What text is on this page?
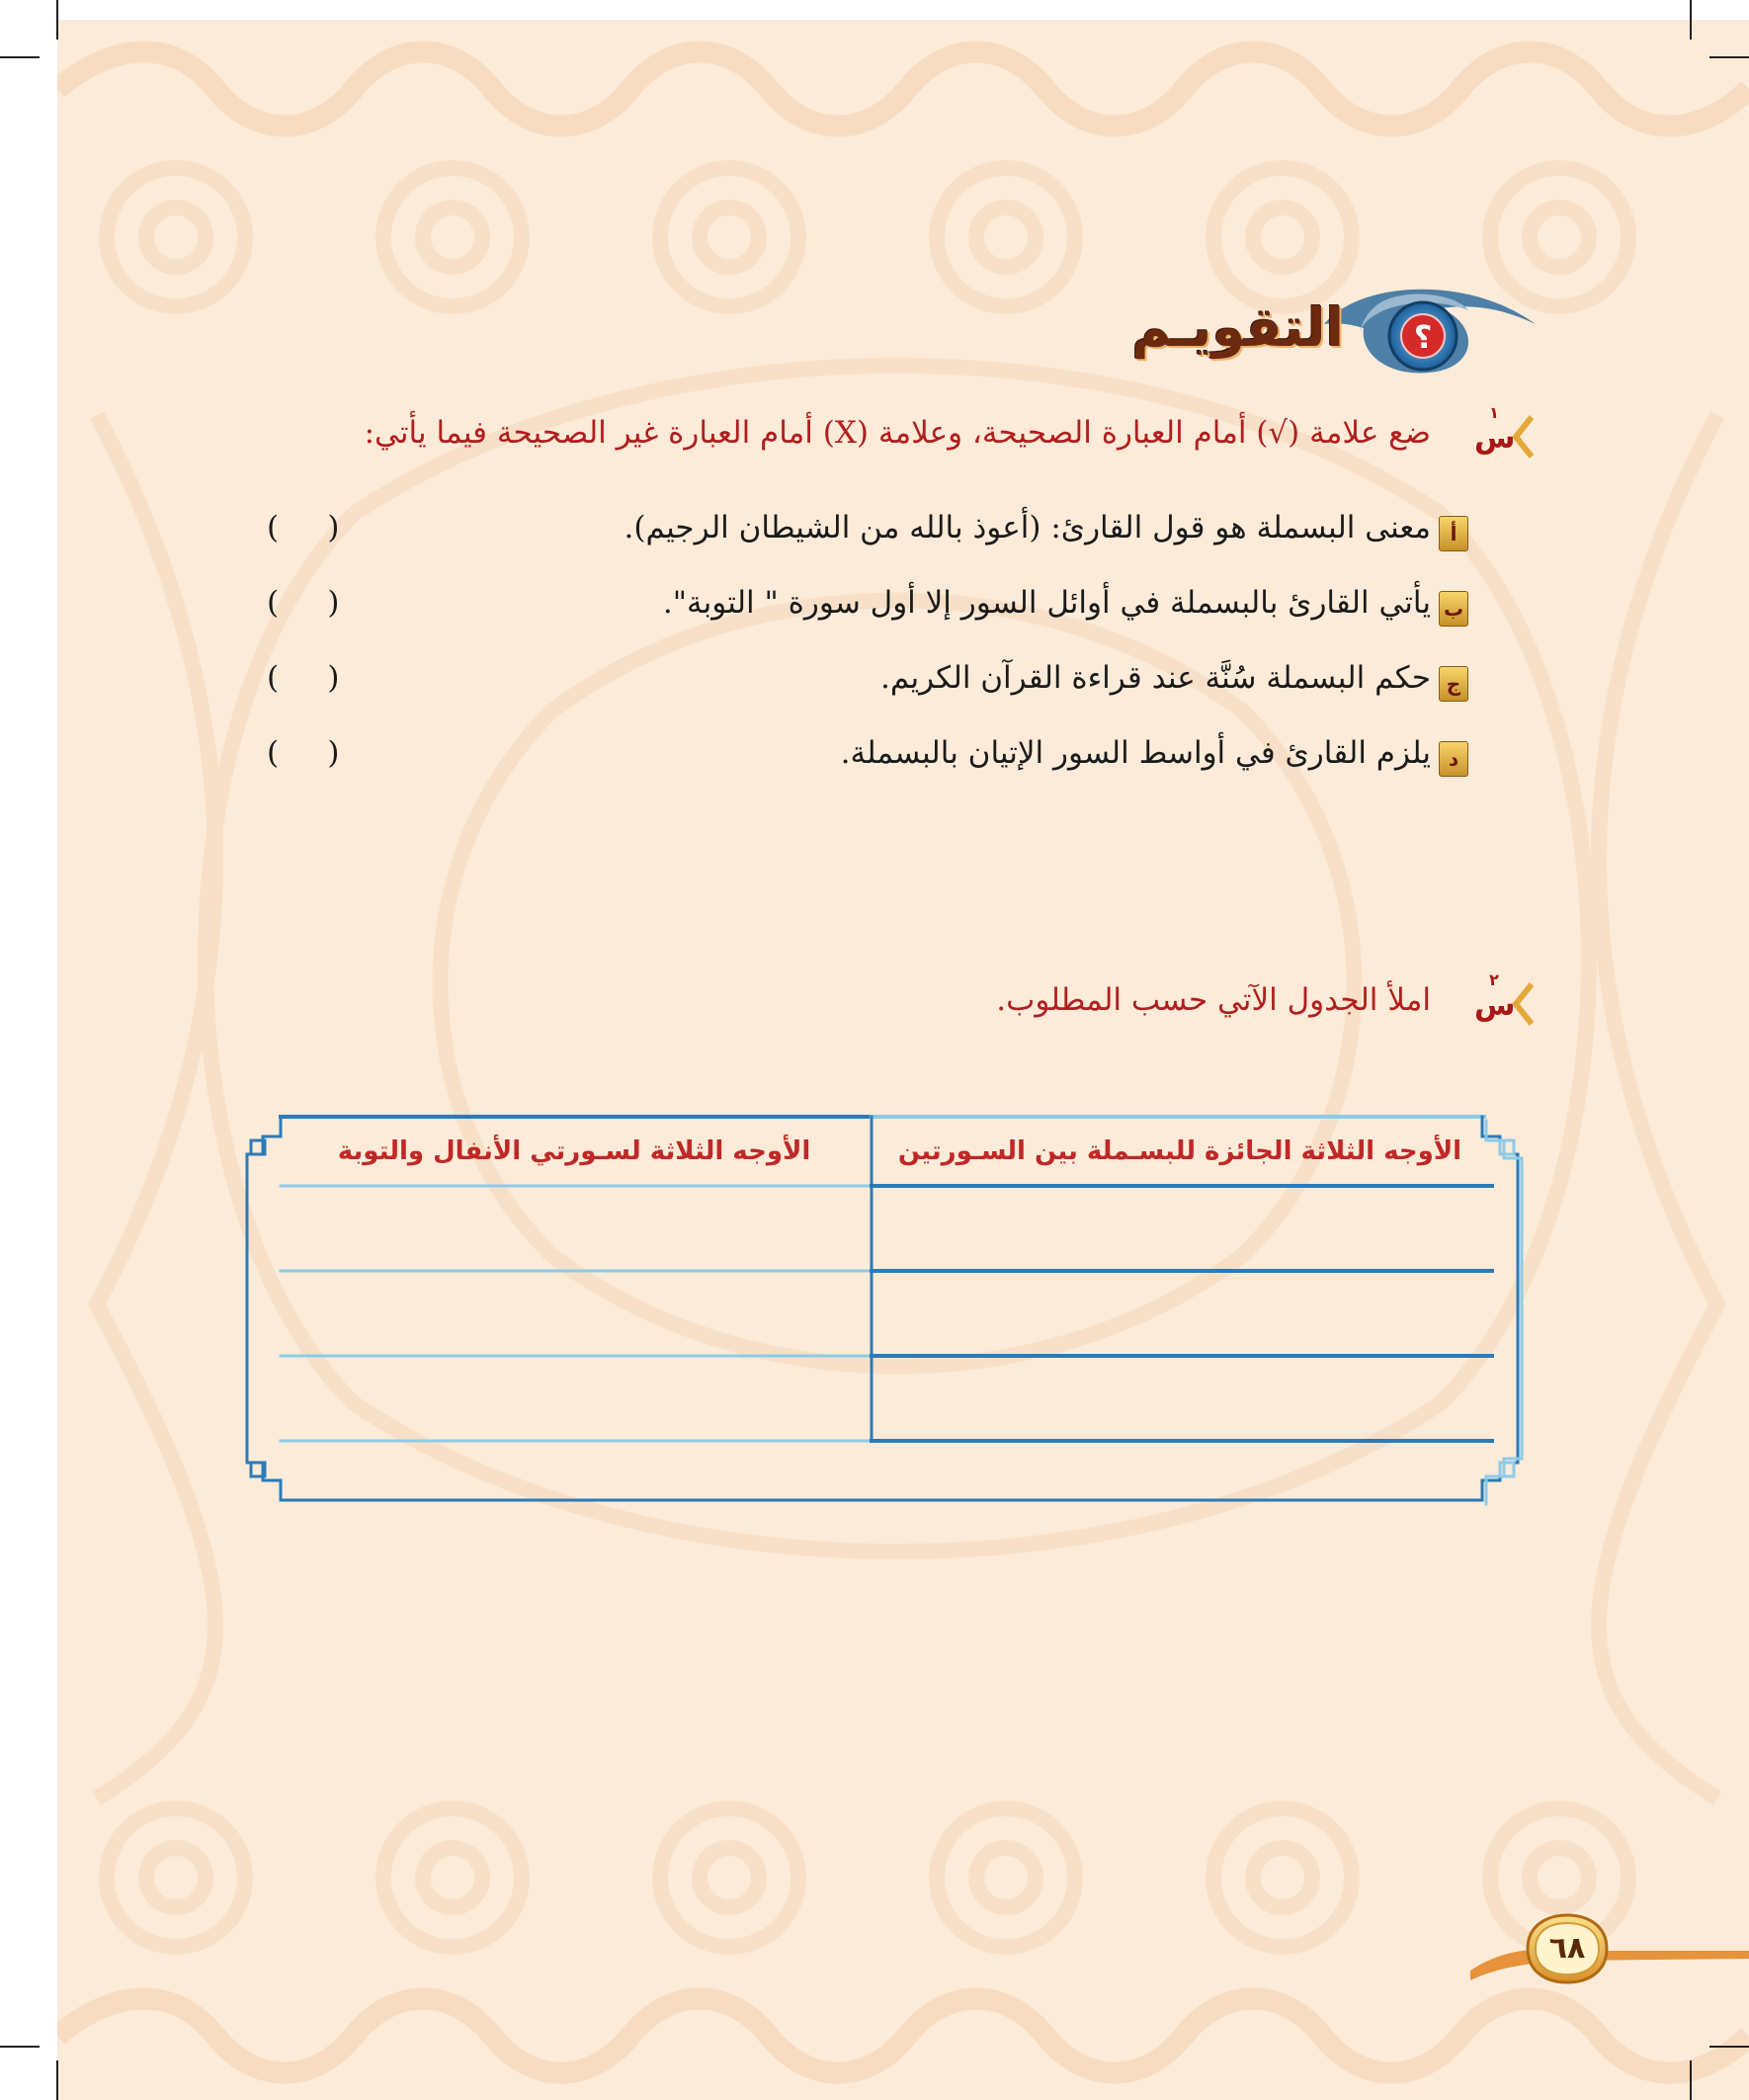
؟
التقويـم
١
س
ضع علامة (√) أمام العبارة الصحيحة، وعلامة (X) أمام العبارة غير الصحيحة فيما يأتي:
أ
معنى البسملة هو قول القارئ: (أعوذ بالله من الشيطان الرجيم).
(     )
ب
يأتي القارئ بالبسملة في أوائل السور إلا أول سورة " التوبة".
(     )
ج
حكم البسملة سُنَّة عند قراءة القرآن الكريم.
(     )
د
يلزم القارئ في أواسط السور الإتيان بالبسملة.
(     )
٢
س
املأ الجدول الآتي حسب المطلوب.
الأوجه الثلاثة الجائزة للبسـملة بين السـورتين
الأوجه الثلاثة لسـورتي الأنفال والتوبة
٦٨
